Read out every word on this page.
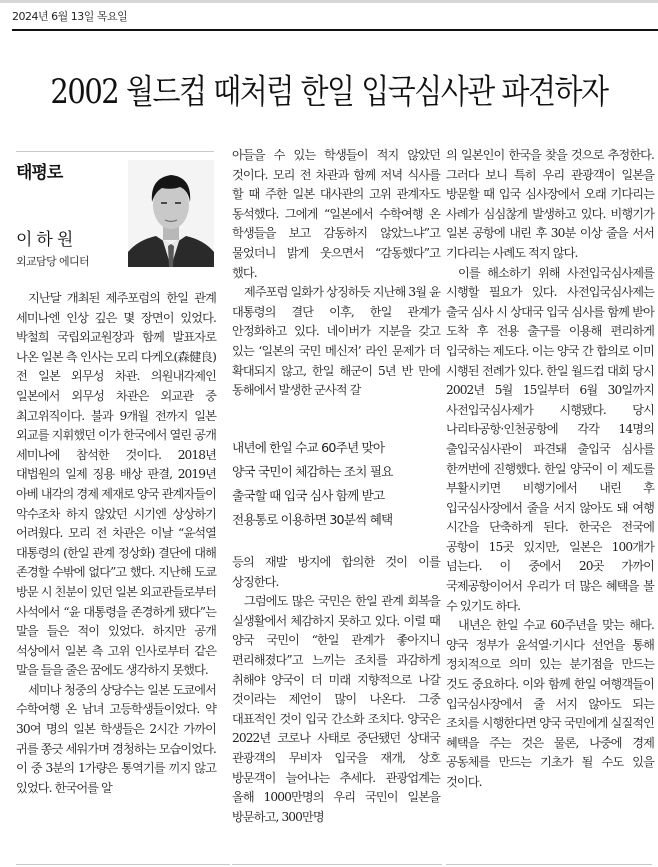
2024년 6월 13일 목요일
2002 월드컵 때처럼 한일 입국심사관 파견하자
태평로
이하원
외교담당 에디터

지난달 개최된 제주포럼의 한일 관계 세미나엔 인상 깊은 몇 장면이 있었다. 박철희 국립외교원장과 함께 발표자로 나온 일본 측 인사는 모리 다케오(森健良) 전 일본 외무성 차관. 의원내각제인 일본에서 외무성 차관은 외교관 중 최고위직이다. 불과 9개월 전까지 일본 외교를 지휘했던 이가 한국에서 열린 공개 세미나에 참석한 것이다. 2018년 대법원의 일제 징용 배상 판결, 2019년 아베 내각의 경제 제재로 양국 관계자들이 악수조차 하지 않았던 시기엔 상상하기 어려웠다. 모리 전 차관은 이날 “윤석열 대통령의 (한일 관계 정상화) 결단에 대해 존경할 수밖에 없다”고 했다. 지난해 도쿄 방문 시 친분이 있던 일본 외교관들로부터 사석에서 “윤 대통령을 존경하게 됐다”는 말을 들은 적이 있었다. 하지만 공개 석상에서 일본 측 고위 인사로부터 같은 말을 들을 줄은 꿈에도 생각하지 못했다.

세미나 청중의 상당수는 일본 도쿄에서 수학여행 온 남녀 고등학생들이었다. 약 30여 명의 일본 학생들은 2시간 가까이 귀를 쫑긋 세워가며 경청하는 모습이었다. 이 중 3분의 1가량은 통역기를 끼지 않고 있었다. 한국어를 알

아들을 수 있는 학생들이 적지 않았던 것이다. 모리 전 차관과 함께 저녁 식사를 할 때 주한 일본 대사관의 고위 관계자도 동석했다. 그에게 “일본에서 수학여행 온 학생들을 보고 감동하지 않았느냐”고 물었더니 밝게 웃으면서 “감동했다”고 했다.

제주포럼 일화가 상징하듯 지난해 3월 윤 대통령의 결단 이후, 한일 관계가 안정화하고 있다. 네이버가 지분을 갖고 있는 ‘일본의 국민 메신저’ 라인 문제가 더 확대되지 않고, 한일 해군이 5년 반 만에 동해에서 발생한 군사적 갈

내년에 한일 수교 60주년 맞아
양국 국민이 체감하는 조치 필요
출국할 때 입국 심사 함께 받고
전용통로 이용하면 30분씩 혜택

등의 재발 방지에 합의한 것이 이를 상징한다.

그럼에도 많은 국민은 한일 관계 회복을 실생활에서 체감하지 못하고 있다. 이럴 때 양국 국민이 “한일 관계가 좋아지니 편리해졌다”고 느끼는 조치를 과감하게 취해야 양국이 더 미래 지향적으로 나갈 것이라는 제언이 많이 나온다. 그중 대표적인 것이 입국 간소화 조치다. 양국은 2022년 코로나 사태로 중단됐던 상대국 관광객의 무비자 입국을 재개, 상호 방문객이 늘어나는 추세다. 관광업계는 올해 1000만명의 우리 국민이 일본을 방문하고, 300만명

의 일본인이 한국을 찾을 것으로 추정한다. 그러다 보니 특히 우리 관광객이 일본을 방문할 때 입국 심사장에서 오래 기다리는 사례가 심심찮게 발생하고 있다. 비행기가 일본 공항에 내린 후 30분 이상 줄을 서서 기다리는 사례도 적지 않다.

이를 해소하기 위해 사전입국심사제를 시행할 필요가 있다. 사전입국심사제는 출국 심사 시 상대국 입국 심사를 함께 받아 도착 후 전용 출구를 이용해 편리하게 입국하는 제도다. 이는 양국 간 합의로 이미 시행된 전례가 있다. 한일 월드컵 대회 당시 2002년 5월 15일부터 6월 30일까지 사전입국심사제가 시행됐다. 당시 나리타공항·인천공항에 각각 14명의 출입국심사관이 파견돼 출입국 심사를 한꺼번에 진행했다. 한일 양국이 이 제도를 부활시키면 비행기에서 내린 후 입국심사장에서 줄을 서지 않아도 돼 여행 시간을 단축하게 된다. 한국은 전국에 공항이 15곳 있지만, 일본은 100개가 넘는다. 이 중에서 20곳 가까이 국제공항이어서 우리가 더 많은 혜택을 볼 수 있기도 하다.

내년은 한일 수교 60주년을 맞는 해다. 양국 정부가 윤석열·기시다 선언을 통해 정치적으로 의미 있는 분기점을 만드는 것도 중요하다. 이와 함께 한일 여행객들이 입국심사장에서 줄 서지 않아도 되는 조치를 시행한다면 양국 국민에게 실질적인 혜택을 주는 것은 물론, 나중에 경제 공동체를 만드는 기초가 될 수도 있을 것이다.
